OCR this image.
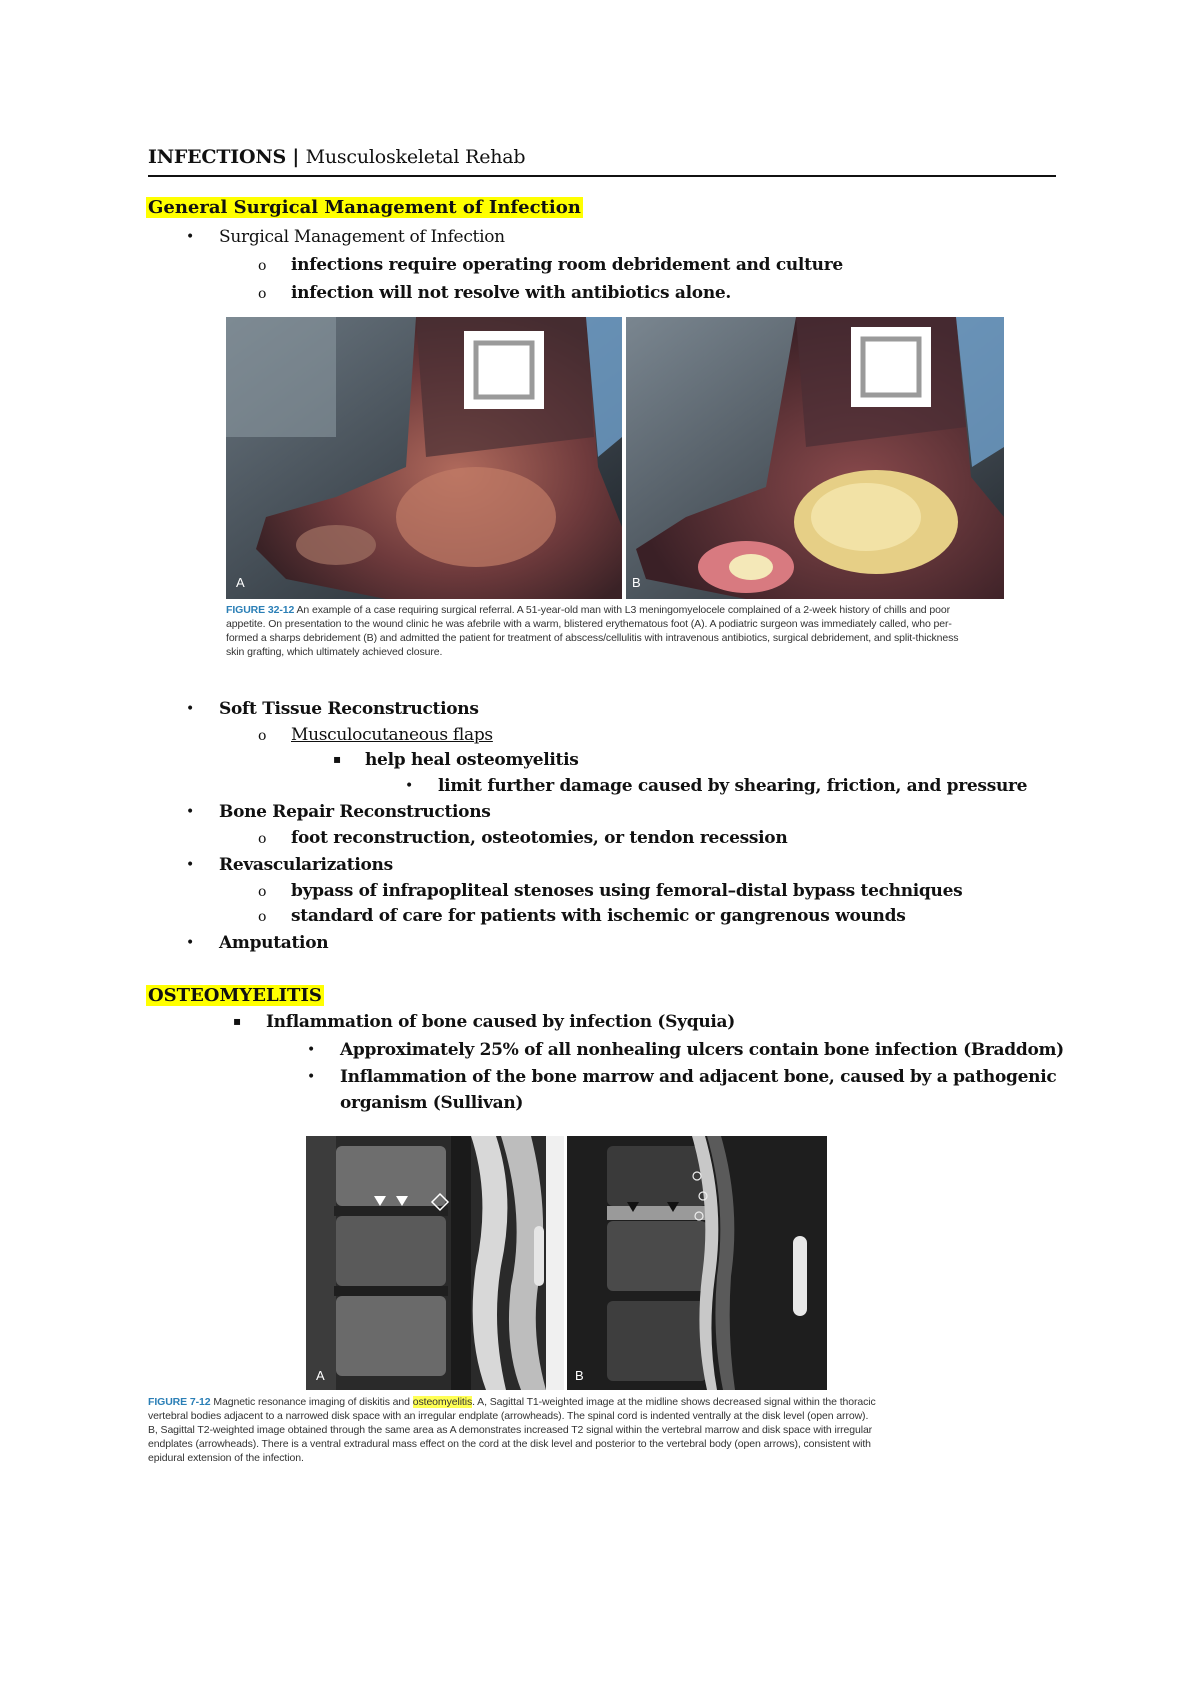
INFECTIONS | Musculoskeletal Rehab
General Surgical Management of Infection
• Surgical Management of Infection
o infections require operating room debridement and culture
o infection will not resolve with antibiotics alone.
A	B
FIGURE 32-12 An example of a case requiring surgical referral. A 51-year-old man with L3 meningomyelocele complained of a 2-week history of chills and poor
appetite. On presentation to the wound clinic he was afebrile with a warm, blistered erythematous foot (A). A podiatric surgeon was immediately called, who per-
formed a sharps debridement (B) and admitted the patient for treatment of abscess/cellulitis with intravenous antibiotics, surgical debridement, and split-thickness
skin grafting, which ultimately achieved closure.
• Soft Tissue Reconstructions
o Musculocutaneous flaps
▪ help heal osteomyelitis
• limit further damage caused by shearing, friction, and pressure
• Bone Repair Reconstructions
o foot reconstruction, osteotomies, or tendon recession
• Revascularizations
o bypass of infrapopliteal stenoses using femoral–distal bypass techniques
o standard of care for patients with ischemic or gangrenous wounds
• Amputation
OSTEOMYELITIS
▪ Inflammation of bone caused by infection (Syquia)
• Approximately 25% of all nonhealing ulcers contain bone infection (Braddom)
• Inflammation of the bone marrow and adjacent bone, caused by a pathogenic
organism (Sullivan)
A	B
FIGURE 7-12 Magnetic resonance imaging of diskitis and osteomyelitis. A, Sagittal T1-weighted image at the midline shows decreased signal within the thoracic
vertebral bodies adjacent to a narrowed disk space with an irregular endplate (arrowheads). The spinal cord is indented ventrally at the disk level (open arrow).
B, Sagittal T2-weighted image obtained through the same area as A demonstrates increased T2 signal within the vertebral marrow and disk space with irregular
endplates (arrowheads). There is a ventral extradural mass effect on the cord at the disk level and posterior to the vertebral body (open arrows), consistent with
epidural extension of the infection.
